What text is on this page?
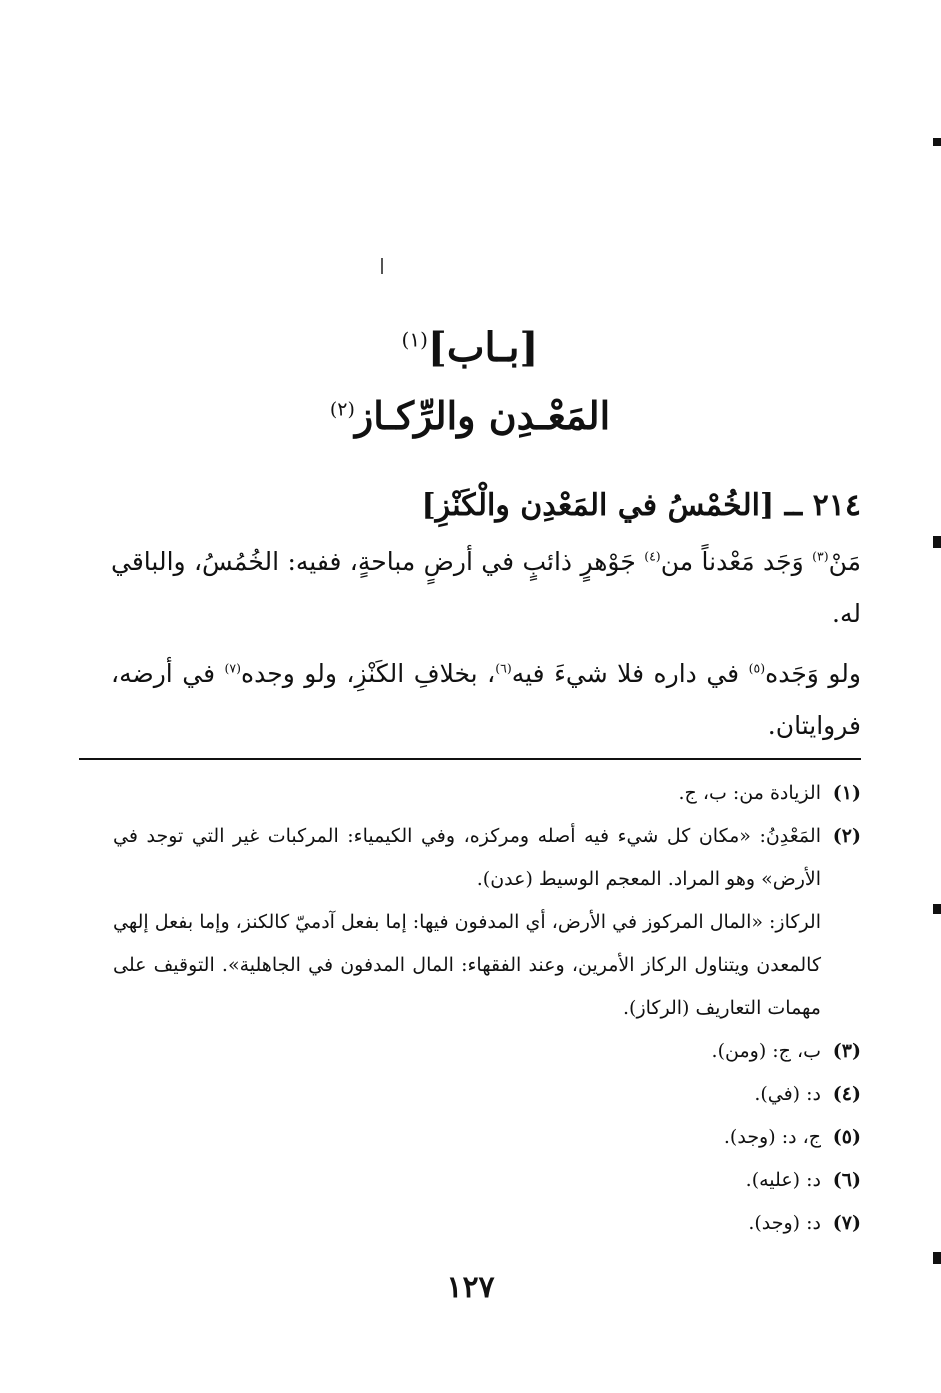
[بـاب]$^{(١)}$
المَعْـدِن والرِّكـاز$^{(٢)}$
٢١٤ ــ [الخُمْسُ في المَعْدِن والْكَنْزِ]

مَنْ$^{(٣)}$ وَجَد مَعْدناً من$^{(٤)}$ جَوْهرٍ ذائبٍ في أرضٍ مباحةٍ، ففيه: الخُمُسُ، والباقي له.

ولو وَجَده$^{(٥)}$ في داره فلا شيءَ فيه$^{(٦)}$، بخلافِ الكَنْزِ، ولو وجده$^{(٧)}$ في أرضه، فروايتان.

(١)
الزيادة من: ب، ج.
(٢)
المَعْدِنُ: «مكان كل شيء فيه أصله ومركزه، وفي الكيمياء: المركبات غير التي توجد في الأرض» وهو المراد. المعجم الوسيط (عدن).
الركاز: «المال المركوز في الأرض، أي المدفون فيها: إما بفعل آدميّ كالكنز، وإما بفعل إلهي كالمعدن ويتناول الركاز الأمرين، وعند الفقهاء: المال المدفون في الجاهلية». التوقيف على مهمات التعاريف (الركاز).
(٣)
ب، ج: (ومن).
(٤)
د: (في).
(٥)
ج، د: (وجد).
(٦)
د: (عليه).
(٧)
د: (وجد).
١٢٧
